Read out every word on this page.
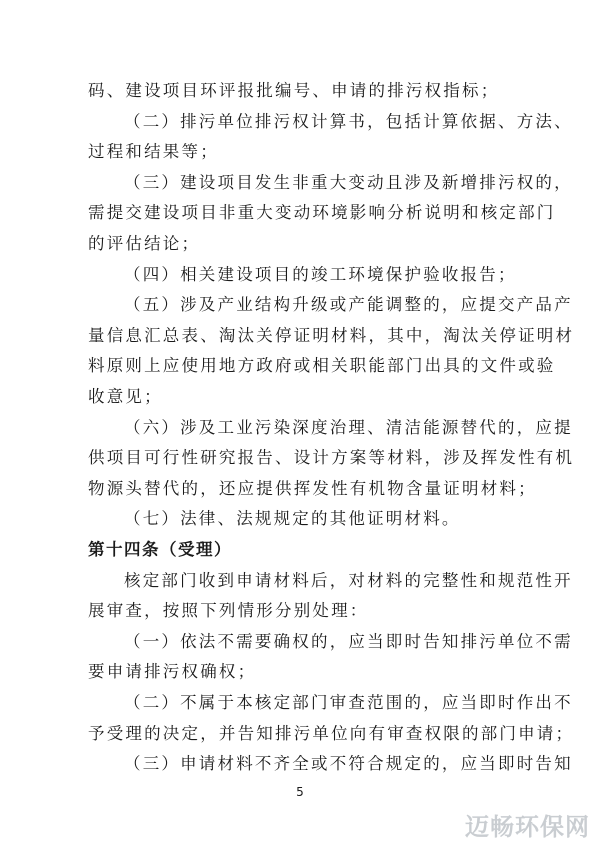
码、建设项目环评报批编号、申请的排污权指标；
（二）排污单位排污权计算书，包括计算依据、方法、
过程和结果等；
（三）建设项目发生非重大变动且涉及新增排污权的，
需提交建设项目非重大变动环境影响分析说明和核定部门
的评估结论；
（四）相关建设项目的竣工环境保护验收报告；
（五）涉及产业结构升级或产能调整的，应提交产品产
量信息汇总表、淘汰关停证明材料，其中，淘汰关停证明材
料原则上应使用地方政府或相关职能部门出具的文件或验
收意见；
（六）涉及工业污染深度治理、清洁能源替代的，应提
供项目可行性研究报告、设计方案等材料，涉及挥发性有机
物源头替代的，还应提供挥发性有机物含量证明材料；
（七）法律、法规规定的其他证明材料。
第十四条（受理）
核定部门收到申请材料后，对材料的完整性和规范性开
展审查，按照下列情形分别处理：
（一）依法不需要确权的，应当即时告知排污单位不需
要申请排污权确权；
（二）不属于本核定部门审查范围的，应当即时作出不
予受理的决定，并告知排污单位向有审查权限的部门申请；
（三）申请材料不齐全或不符合规定的，应当即时告知
5
迈畅环保网
